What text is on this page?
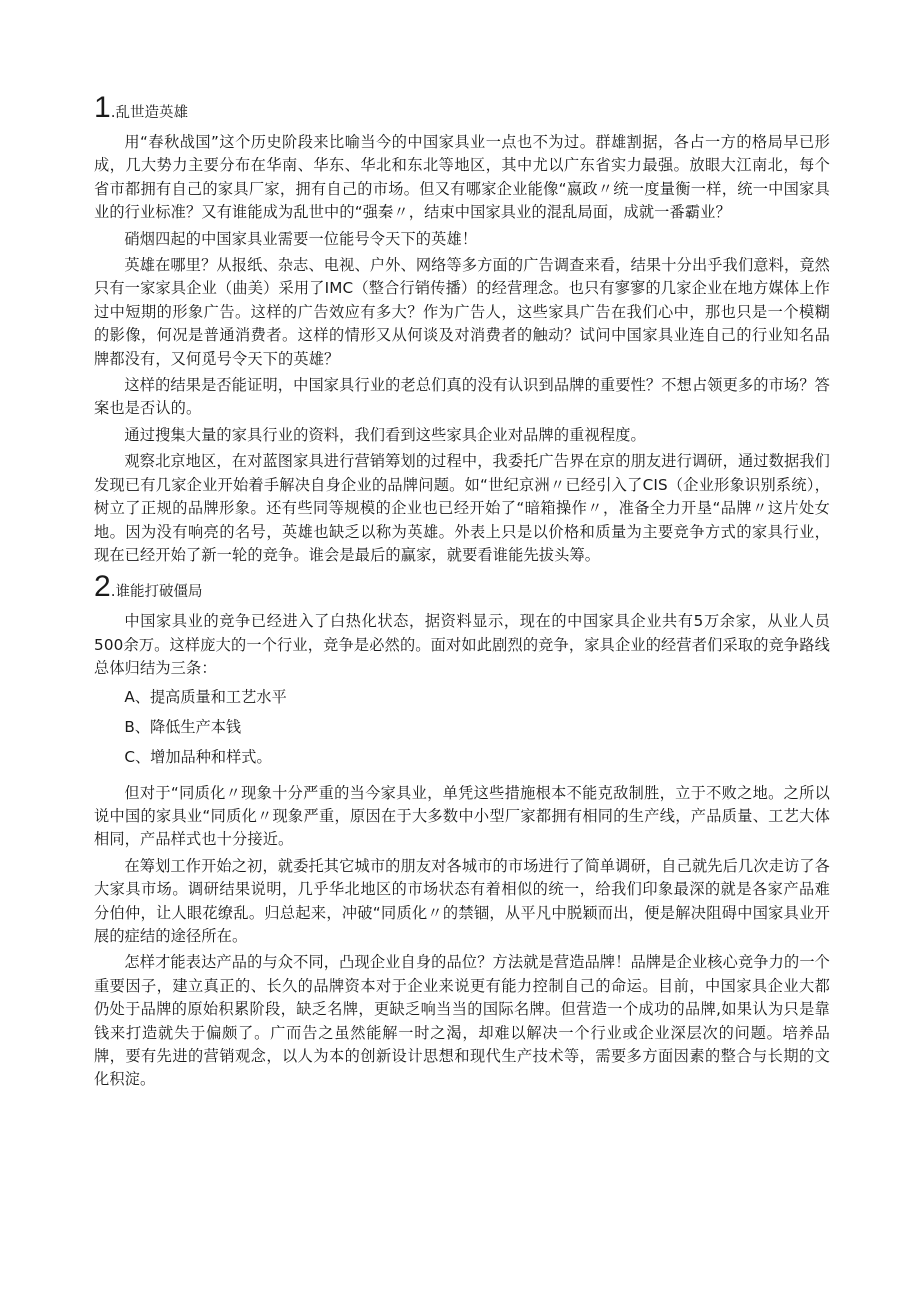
1 . 乱世造英雄

用“春秋战国”这个历史阶段来比喻当今的中国家具业一点也不为过。群雄割据，各占一方的格局早已形成，几大势力主要分布在华南、华东、华北和东北等地区，其中尤以广东省实力最强。放眼大江南北，每个省市都拥有自己的家具厂家，拥有自己的市场。但又有哪家企业能像“嬴政〃统一度量衡一样，统一中国家具业的行业标准？又有谁能成为乱世中的“强秦〃，结束中国家具业的混乱局面，成就一番霸业？

硝烟四起的中国家具业需要一位能号令天下的英雄！

英雄在哪里？从报纸、杂志、电视、户外、网络等多方面的广告调查来看，结果十分出乎我们意料，竟然只有一家家具企业（曲美）采用了IMC（整合行销传播）的经营理念。也只有寥寥的几家企业在地方媒体上作过中短期的形象广告。这样的广告效应有多大？作为广告人，这些家具广告在我们心中，那也只是一个模糊的影像，何况是普通消费者。这样的情形又从何谈及对消费者的触动？试问中国家具业连自己的行业知名品牌都没有，又何觅号令天下的英雄？

这样的结果是否能证明，中国家具行业的老总们真的没有认识到品牌的重要性？不想占领更多的市场？答案也是否认的。

通过搜集大量的家具行业的资料，我们看到这些家具企业对品牌的重视程度。

观察北京地区，在对蓝图家具进行营销筹划的过程中，我委托广告界在京的朋友进行调研，通过数据我们发现已有几家企业开始着手解决自身企业的品牌问题。如“世纪京洲〃已经引入了CIS（企业形象识别系统），树立了正规的品牌形象。还有些同等规模的企业也已经开始了“暗箱操作〃，准备全力开垦“品牌〃这片处女地。因为没有响亮的名号，英雄也缺乏以称为英雄。外表上只是以价格和质量为主要竞争方式的家具行业，现在已经开始了新一轮的竞争。谁会是最后的赢家，就要看谁能先拔头筹。

2 . 谁能打破僵局

中国家具业的竞争已经进入了白热化状态，据资料显示，现在的中国家具企业共有5万余家，从业人员500余万。这样庞大的一个行业，竞争是必然的。面对如此剧烈的竞争，家具企业的经营者们采取的竞争路线总体归结为三条：

A、提高质量和工艺水平

B、降低生产本钱

C、增加品种和样式。

但对于“同质化〃现象十分严重的当今家具业，单凭这些措施根本不能克敌制胜，立于不败之地。之所以说中国的家具业“同质化〃现象严重，原因在于大多数中小型厂家都拥有相同的生产线，产品质量、工艺大体相同，产品样式也十分接近。

在筹划工作开始之初，就委托其它城市的朋友对各城市的市场进行了简单调研，自己就先后几次走访了各大家具市场。调研结果说明，几乎华北地区的市场状态有着相似的统一，给我们印象最深的就是各家产品难分伯仲，让人眼花缭乱。归总起来，冲破“同质化〃的禁锢，从平凡中脱颖而出，便是解决阻碍中国家具业开展的症结的途径所在。

怎样才能表达产品的与众不同，凸现企业自身的品位？方法就是营造品牌！品牌是企业核心竞争力的一个重要因子，建立真正的、长久的品牌资本对于企业来说更有能力控制自己的命运。目前，中国家具企业大都仍处于品牌的原始积累阶段，缺乏名牌，更缺乏响当当的国际名牌。但营造一个成功的品牌,如果认为只是靠钱来打造就失于偏颇了。广而告之虽然能解一时之渴，却难以解决一个行业或企业深层次的问题。培养品牌，要有先进的营销观念，以人为本的创新设计思想和现代生产技术等，需要多方面因素的整合与长期的文化积淀。
